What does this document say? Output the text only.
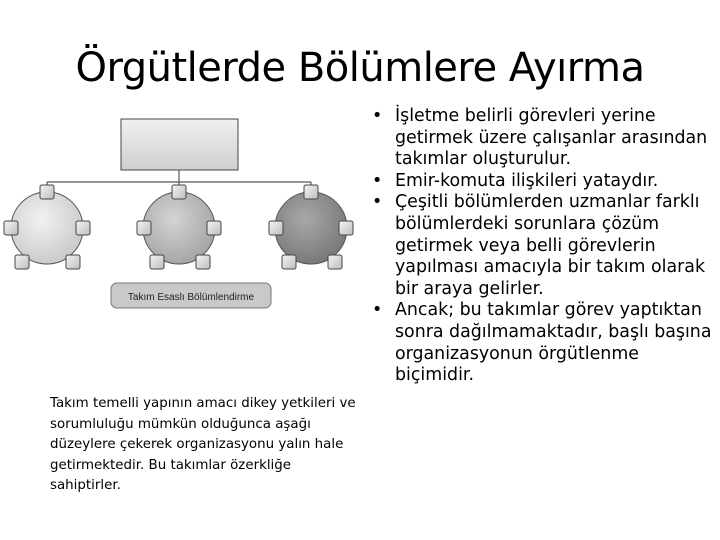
Örgütlerde Bölümlere Ayırma
Takım Esaslı Bölümlendirme
Takım temelli yapının amacı dikey yetkileri ve sorumluluğu mümkün olduğunca aşağı düzeylere çekerek organizasyonu yalın hale getirmektedir. Bu takımlar özerkliğe sahiptirler.
• İşletme belirli görevleri yerine getirmek üzere çalışanlar arasından takımlar oluşturulur.
• Emir-komuta ilişkileri yataydır.
• Çeşitli bölümlerden uzmanlar farklı bölümlerdeki sorunlara çözüm getirmek veya belli görevlerin yapılması amacıyla bir takım olarak bir araya gelirler.
• Ancak; bu takımlar görev yaptıktan sonra dağılmamaktadır, başlı başına organizasyonun örgütlenme biçimidir.
